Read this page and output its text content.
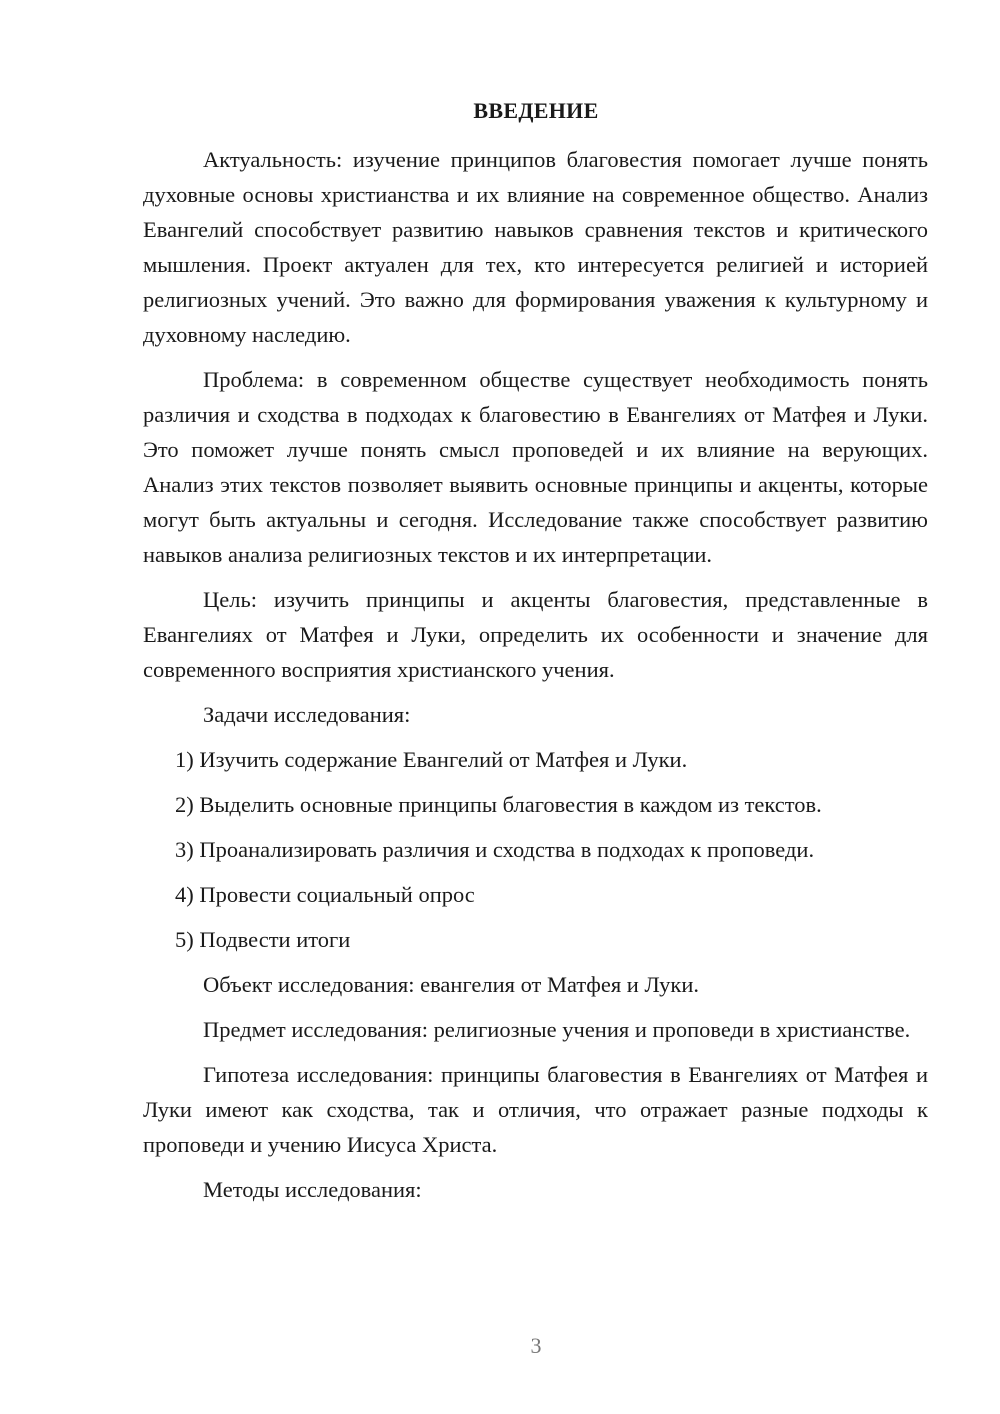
ВВЕДЕНИЕ

Актуальность: изучение принципов благовестия помогает лучше понять духовные основы христианства и их влияние на современное общество. Анализ Евангелий способствует развитию навыков сравнения текстов и критического мышления. Проект актуален для тех, кто интересуется религией и историей религиозных учений. Это важно для формирования уважения к культурному и духовному наследию.

Проблема: в современном обществе существует необходимость понять различия и сходства в подходах к благовестию в Евангелиях от Матфея и Луки. Это поможет лучше понять смысл проповедей и их влияние на верующих. Анализ этих текстов позволяет выявить основные принципы и акценты, которые могут быть актуальны и сегодня. Исследование также способствует развитию навыков анализа религиозных текстов и их интерпретации.

Цель: изучить принципы и акценты благовестия, представленные в Евангелиях от Матфея и Луки, определить их особенности и значение для современного восприятия христианского учения.

Задачи исследования:

1) Изучить содержание Евангелий от Матфея и Луки.
2) Выделить основные принципы благовестия в каждом из текстов.
3) Проанализировать различия и сходства в подходах к проповеди.
4) Провести социальный опрос
5) Подвести итоги

Объект исследования: евангелия от Матфея и Луки.

Предмет исследования: религиозные учения и проповеди в христианстве.

Гипотеза исследования: принципы благовестия в Евангелиях от Матфея и Луки имеют как сходства, так и отличия, что отражает разные подходы к проповеди и учению Иисуса Христа.

Методы исследования:

3
